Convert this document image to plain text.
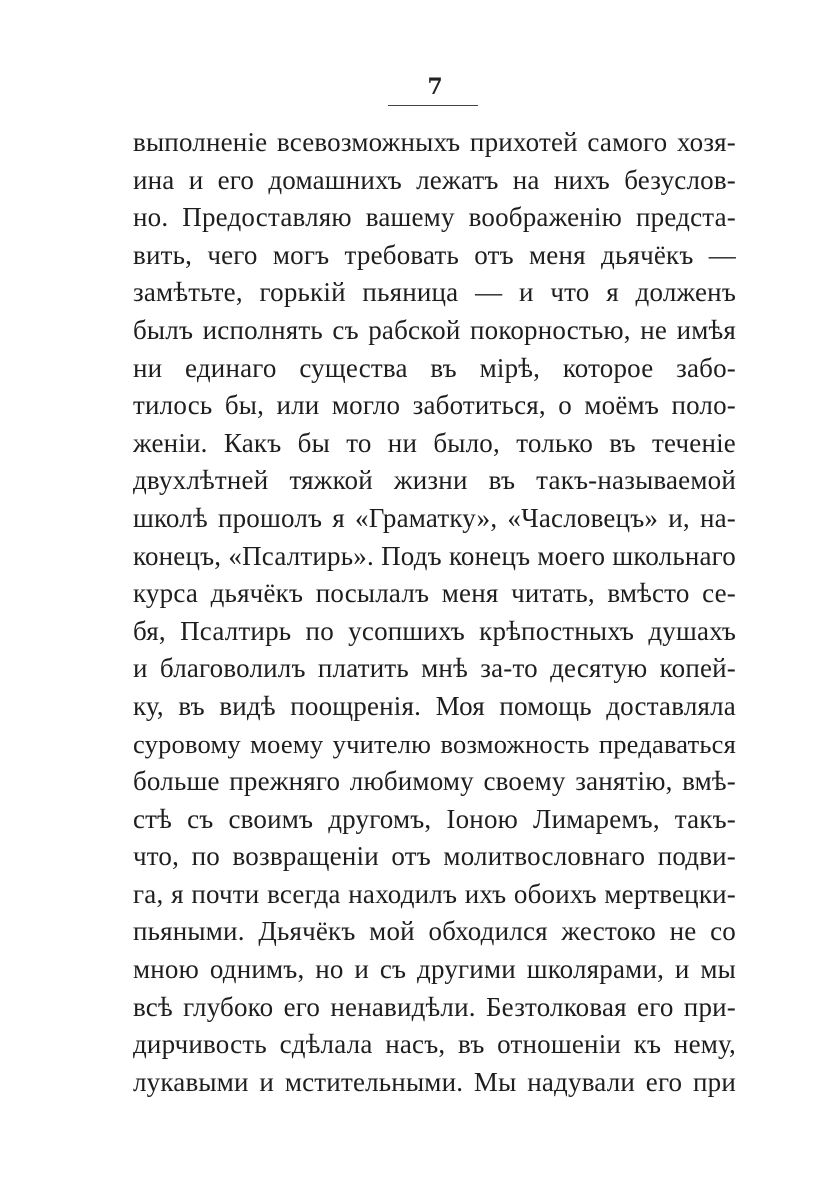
7
выполненіе всевозможныхъ прихотей самого хозя-
ина и его домашнихъ лежатъ на нихъ безуслов-
но. Предоставляю вашему воображенію предста-
вить, чего могъ требовать отъ меня дьячёкъ —
замѣтьте, горькій пьяница — и что я долженъ
былъ исполнять съ рабской покорностью, не имѣя
ни единаго существа въ мірѣ, которое забо-
тилось бы, или могло заботиться, о моёмъ поло-
женіи. Какъ бы то ни было, только въ теченіе
двухлѣтней тяжкой жизни въ такъ-называемой
школѣ прошолъ я «Граматку», «Часловецъ» и, на-
конецъ, «Псалтирь». Подъ конецъ моего школьнаго
курса дьячёкъ посылалъ меня читать, вмѣсто се-
бя, Псалтирь по усопшихъ крѣпостныхъ душахъ
и благоволилъ платить мнѣ за-то десятую копей-
ку, въ видѣ поощренія. Моя помощь доставляла
суровому моему учителю возможность предаваться
больше прежняго любимому своему занятію, вмѣ-
стѣ съ своимъ другомъ, Іоною Лимаремъ, такъ-
что, по возвращеніи отъ молитвословнаго подви-
га, я почти всегда находилъ ихъ обоихъ мертвецки-
пьяными. Дьячёкъ мой обходился жестоко не со
мною однимъ, но и съ другими школярами, и мы
всѣ глубоко его ненавидѣли. Безтолковая его при-
дирчивость сдѣлала насъ, въ отношеніи къ нему,
лукавыми и мстительными. Мы надували его при
